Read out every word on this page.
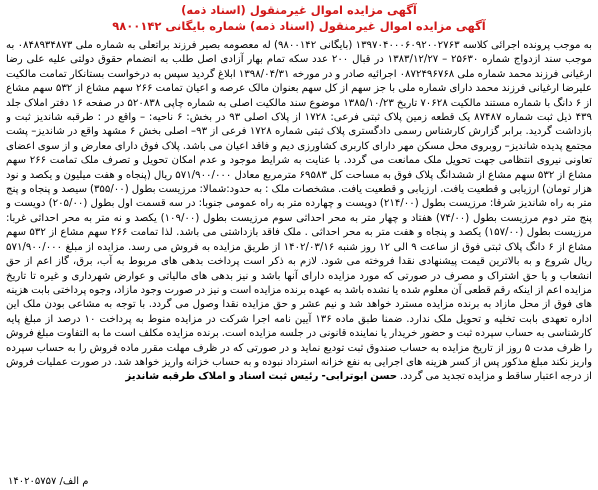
آگهی مزایده اموال غیرمنقول (اسناد ذمه)
آگهی مزایده اموال غیرمنقول (اسناد ذمه) شماره بایگانی ۹۸۰۰۱۴۲
به موجب پرونده اجرائی کلاسه ۱۳۹۷۰۴۰۰۰۶۰۹۲۰۰۲۷۶۳ (بایگانی ۹۸۰۰۱۴۲) له معصومه بصیر فرزند براتعلی به شماره ملی ۰۸۴۸۹۳۴۸۷۳ به موجب سند ازدواج شماره ۲۵۶۳۰ – ۱۳۸۳/۱۲/۲۷ در قبال ۲۰۰ عدد سکه تمام بهار آزادی اصل طلب به انضمام حقوق دولتی علیه علی رضا ارغیانی فرزند محمد شماره ملی ۰۸۷۲۴۹۶۷۶۸ اجرائیه صادر و در مورخه ۱۳۹۸/۰۴/۳۱ ابلاغ گردید سپس به درخواست بستانکار تمامت مالکیت علیرضا ارغیانی فرزند محمد دارای شماره ملی با جز سهم از کل سهم بعنوان مالک عرصه و اعیان تمامت ۲۶۶ سهم مشاع از ۵۳۲ سهم مشاع از ۶ دانگ با شماره مستند مالکیت ۷۰۶۲۸ تاریخ ۱۳۸۵/۱۰/۲۳ موضوع سند مالکیت اصلی به شماره چاپی ۵۲۰۸۳۸ در صفحه ۱۶ دفتر املاک جلد ۴۳۹ ذیل ثبت شماره ۸۷۴۸۷ یک قطعه زمین پلاک ثبتی فرعی: ۱۷۲۸ از پلاک اصلی ۹۳ در بخش: ۶ ناحیه: – واقع در : طرقبه شاندیز ثبت و بازداشت گردید. برابر گزارش کارشناس رسمی دادگستری پلاک ثبتی شماره ۱۷۲۸ فرعی از ۹۳– اصلی بخش ۶ مشهد واقع در شاندیز– پشت مجتمع پدیده شاندیز– روبروی محل مسکن مهر دارای کاربری کشاورزی دیم و فاقد اعیان می باشد. پلاک فوق دارای معارض و از سوی اعضای تعاونی نیروی انتظامی جهت تحویل ملک ممانعت می گردد. با عنایت به شرایط موجود و عدم امکان تحویل و تصرف ملک تمامت ۲۶۶ سهم مشاع از ۵۳۲ سهم مشاع از ششدانگ پلاک فوق به مساحت کل ۶۹۵۸۳ مترمربع معادل ۵۷۱/۹۰۰/۰۰۰ ریال (پنجاه و هفت میلیون و یکصد و نود هزار تومان) ارزیابی و قطعیت یافت. ارزیابی و قطعیت یافت. مشخصات ملک : به حدود:شمالا: مرزیست بطول (۳۵۵/۰۰) سیصد و پنجاه و پنج متر به راه شاندیز شرقا: مرزیست بطول (۲۱۴/۰۰) دویست و چهارده متر به راه عمومی جنوبا: در سه قسمت اول بطول (۲۰۵/۰۰) دویست و پنج متر دوم مرزیست بطول (۷۴/۰۰) هفتاد و چهار متر به محر احداثی سوم مرزیست بطول (۱۰۹/۰۰) یکصد و نه متر به محر احداثی غربا: مرزیست بطول (۱۵۷/۰۰) یکصد و پنجاه و هفت متر به محر احداثی . ملک فاقد بازداشتی می باشد. لذا تمامت ۲۶۶ سهم مشاع از ۵۳۲ سهم مشاع از ۶ دانگ پلاک ثبتی فوق از ساعت ۹ الی ۱۲ روز شنبه ۱۴۰۲/۰۳/۱۶ از طریق مزایده به فروش می رسد. مزایده از مبلغ ۵۷۱/۹۰۰/۰۰۰ ریال شروع و به بالاترین قیمت پیشنهادی نقدا فروخته می شود. لازم به ذکر است پرداخت بدهی های مربوط به آب، برق، گاز اعم از حق انشعاب و یا حق اشتراک و مصرف در صورتی که مورد مزایده دارای آنها باشد و نیز بدهی های مالیاتی و عوارض شهرداری و غیره تا تاریخ مزایده اعم از اینکه رقم قطعی آن معلوم شده یا نشده باشد به عهده برنده مزایده است و نیز در صورت وجود مازاد، وجوه پرداختی بابت هزینه های فوق از محل مازاد به برنده مزایده مسترد خواهد شد و نیم عشر و حق مزایده نقدا وصول می گردد. با توجه به مشاعی بودن ملک این اداره تعهدی بابت تخلیه و تحویل ملک ندارد. ضمنا طبق ماده ۱۳۶ آیین نامه اجرا شرکت در مزایده منوط به پرداخت ۱۰ درصد از مبلغ پایه کارشناسی به حساب سپرده ثبت و حضور خریدار یا نماینده قانونی در جلسه مزایده است. برنده مزایده مکلف است ما به التفاوت مبلغ فروش را ظرف مدت ۵ روز از تاریخ مزایده به حساب صندوق ثبت تودیع نماید و در صورتی که در ظرف مهلت مقرر ماده فروش را به حساب سپرده واریز نکند مبلغ مذکور پس از کسر هزینه های اجرایی به نفع خزانه استرداد نبوده و به حساب خزانه واریز خواهد شد. در صورت عملیات فروش از درجه اعتبار ساقط و مزایده تجدید می گردد. حسن ابوترابی- رئیس ثبت اسناد و املاک طرقبه شاندیز
۱۴۰۲۰۵۷۵۷ /م الف
